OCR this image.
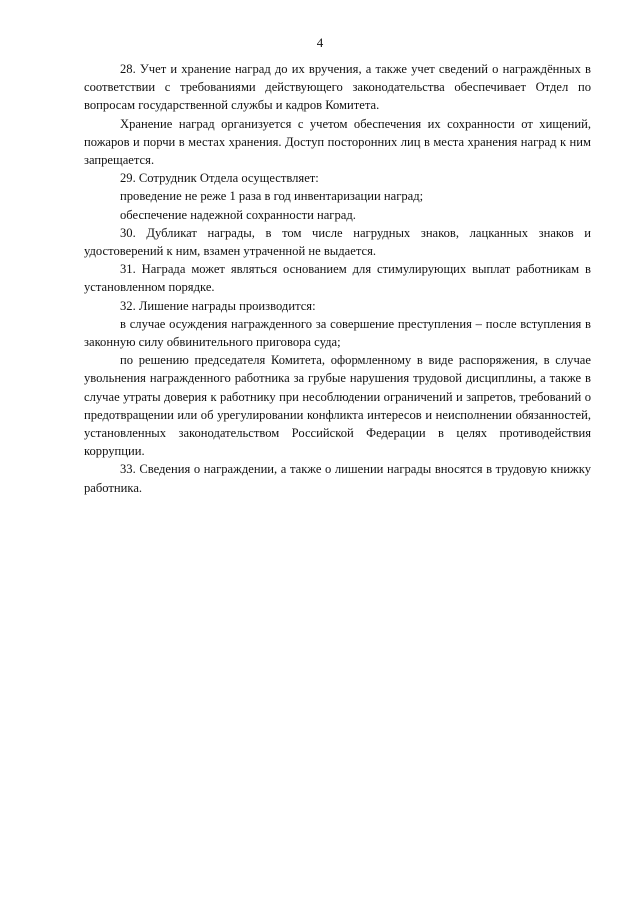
4

28. Учет и хранение наград до их вручения, а также учет сведений о награждённых в соответствии с требованиями действующего законодательства обеспечивает Отдел по вопросам государственной службы и кадров Комитета.

Хранение наград организуется с учетом обеспечения их сохранности от хищений, пожаров и порчи в местах хранения. Доступ посторонних лиц в места хранения наград к ним запрещается.

29. Сотрудник Отдела осуществляет:

проведение не реже 1 раза в год инвентаризации наград;

обеспечение надежной сохранности наград.

30. Дубликат награды, в том числе нагрудных знаков, лацканных знаков и удостоверений к ним, взамен утраченной не выдается.

31. Награда может являться основанием для стимулирующих выплат работникам в установленном порядке.

32. Лишение награды производится:

в случае осуждения награжденного за совершение преступления – после вступления в законную силу обвинительного приговора суда;

по решению председателя Комитета, оформленному в виде распоряжения, в случае увольнения награжденного работника за грубые нарушения трудовой дисциплины, а также в случае утраты доверия к работнику при несоблюдении ограничений и запретов, требований о предотвращении или об урегулировании конфликта интересов и неисполнении обязанностей, установленных законодательством Российской Федерации в целях противодействия коррупции.

33. Сведения о награждении, а также о лишении награды вносятся в трудовую книжку работника.
